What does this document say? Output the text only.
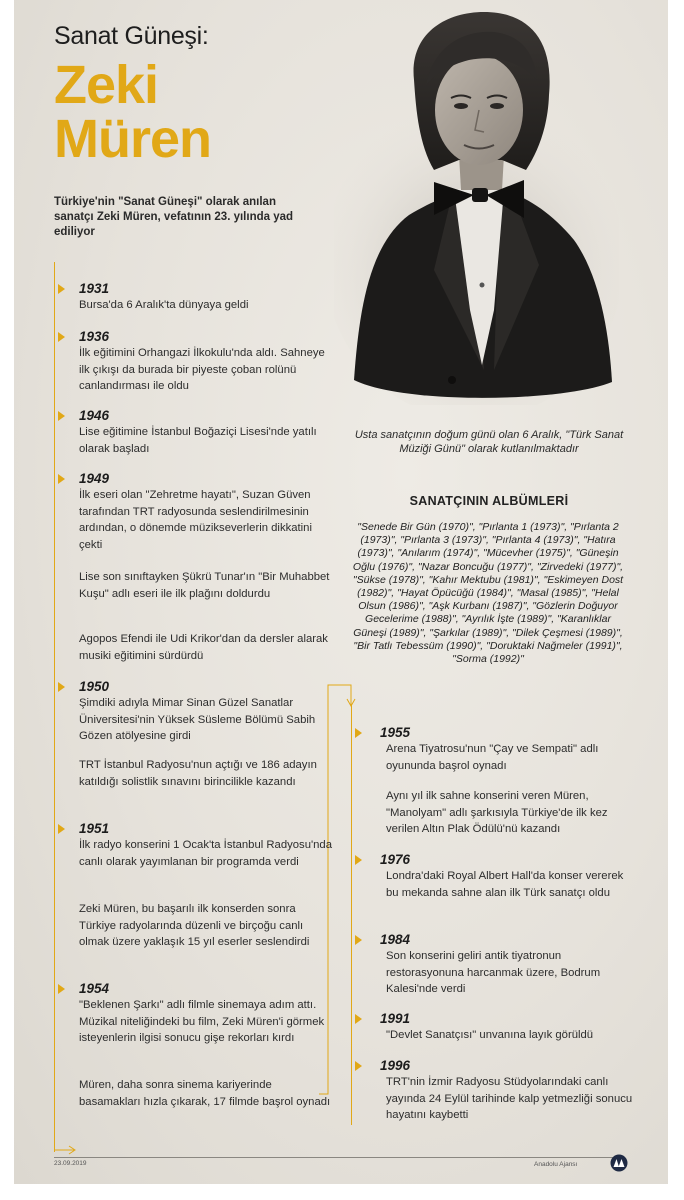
Sanat Güneşi:
Zeki
Müren
Türkiye'nin "Sanat Güneşi" olarak anılan sanatçı Zeki Müren, vefatının 23. yılında yad ediliyor
Usta sanatçının doğum günü olan 6 Aralık, "Türk Sanat Müziği Günü" olarak kutlanılmaktadır
SANATÇININ ALBÜMLERİ
"Senede Bir Gün (1970)", "Pırlanta 1 (1973)", "Pırlanta 2 (1973)", "Pırlanta 3 (1973)", "Pırlanta 4 (1973)", "Hatıra (1973)", "Anılarım (1974)", "Mücevher (1975)", "Güneşin Oğlu (1976)", "Nazar Boncuğu (1977)", "Zirvedeki (1977)", "Sükse (1978)", "Kahır Mektubu (1981)", "Eskimeyen Dost (1982)", "Hayat Öpücüğü (1984)", "Masal (1985)", "Helal Olsun (1986)", "Aşk Kurbanı (1987)", "Gözlerin Doğuyor Gecelerime (1988)", "Ayrılık İşte (1989)", "Karanlıklar Güneşi (1989)", "Şarkılar (1989)", "Dilek Çeşmesi (1989)", "Bir Tatlı Tebessüm (1990)", "Doruktaki Nağmeler (1991)", "Sorma (1992)"
1931
Bursa'da 6 Aralık'ta dünyaya geldi
1936
İlk eğitimini Orhangazi İlkokulu'nda aldı. Sahneye ilk çıkışı da burada bir piyeste çoban rolünü canlandırması ile oldu
1946
Lise eğitimine İstanbul Boğaziçi Lisesi'nde yatılı olarak başladı
1949
İlk eseri olan "Zehretme hayatı", Suzan Güven tarafından TRT radyosunda seslendirilmesinin ardından, o dönemde müzikseverlerin dikkatini çekti
Lise son sınıftayken Şükrü Tunar'ın "Bir Muhabbet Kuşu" adlı eseri ile ilk plağını doldurdu
Agopos Efendi ile Udi Krikor'dan da dersler alarak musiki eğitimini sürdürdü
1950
Şimdiki adıyla Mimar Sinan Güzel Sanatlar Üniversitesi'nin Yüksek Süsleme Bölümü Sabih Gözen atölyesine girdi
TRT İstanbul Radyosu'nun açtığı ve 186 adayın katıldığı solistlik sınavını birincilikle kazandı
1951
İlk radyo konserini 1 Ocak'ta İstanbul Radyosu'nda canlı olarak yayımlanan bir programda verdi
Zeki Müren, bu başarılı ilk konserden sonra Türkiye radyolarında düzenli ve birçoğu canlı olmak üzere yaklaşık 15 yıl eserler seslendirdi
1954
"Beklenen Şarkı" adlı filmle sinemaya adım attı. Müzikal niteliğindeki bu film, Zeki Müren'i görmek isteyenlerin ilgisi sonucu gişe rekorları kırdı
Müren, daha sonra sinema kariyerinde basamakları hızla çıkarak, 17 filmde başrol oynadı
1955
Arena Tiyatrosu'nun "Çay ve Sempati" adlı oyununda başrol oynadı
Aynı yıl ilk sahne konserini veren Müren, "Manolyam" adlı şarkısıyla Türkiye'de ilk kez verilen Altın Plak Ödülü'nü kazandı
1976
Londra'daki Royal Albert Hall'da konser vererek bu mekanda sahne alan ilk Türk sanatçı oldu
1984
Son konserini geliri antik tiyatronun restorasyonuna harcanmak üzere, Bodrum Kalesi'nde verdi
1991
"Devlet Sanatçısı" unvanına layık görüldü
1996
TRT'nin İzmir Radyosu Stüdyolarındaki canlı yayında 24 Eylül tarihinde kalp yetmezliği sonucu hayatını kaybetti
23.09.2019	Anadolu Ajansı
